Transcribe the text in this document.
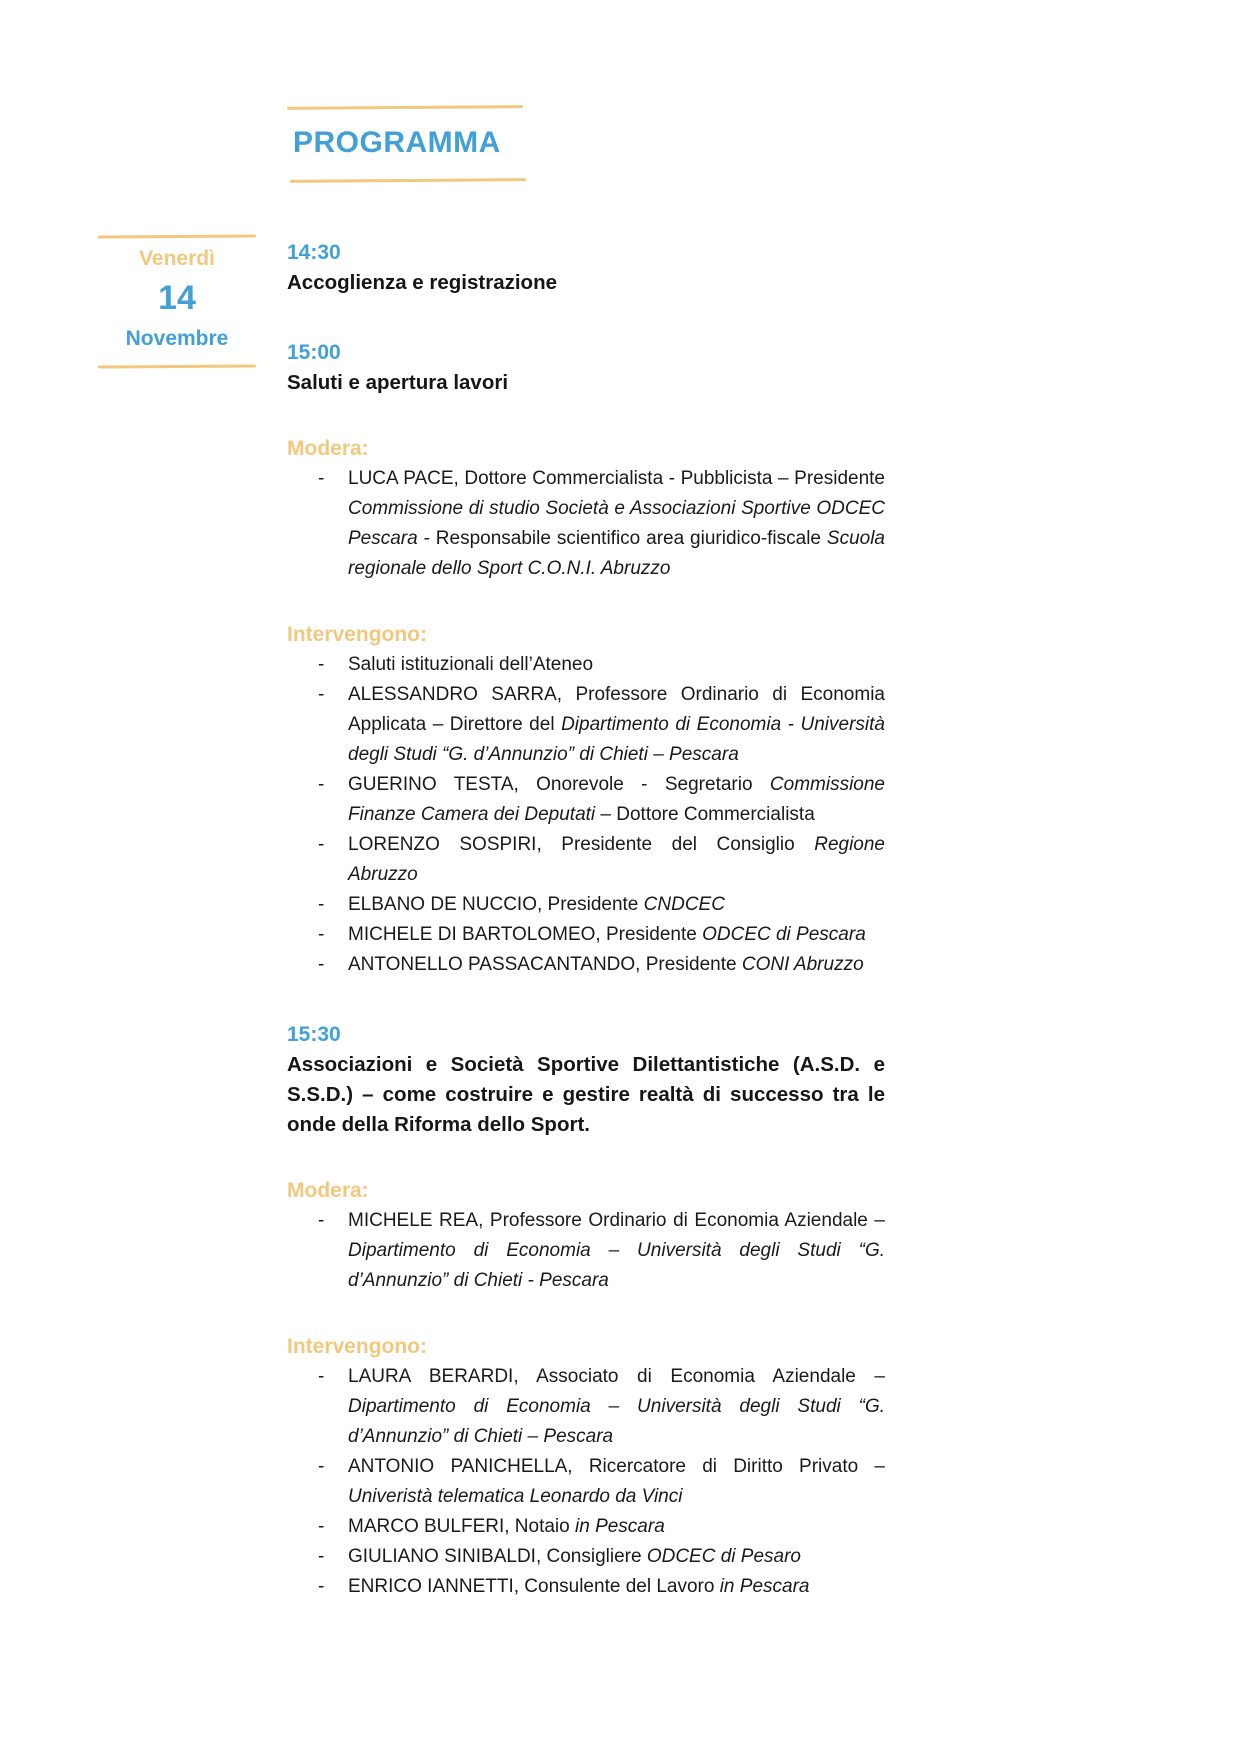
PROGRAMMA
Venerdì
14
Novembre
14:30
Accoglienza e registrazione
15:00
Saluti e apertura lavori
Modera:
-	LUCA PACE, Dottore Commercialista - Pubblicista – Presidente Commissione di studio Società e Associazioni Sportive ODCEC Pescara - Responsabile scientifico area giuridico-fiscale Scuola regionale dello Sport C.O.N.I. Abruzzo
Intervengono:
-	Saluti istituzionali dell’Ateneo
-	ALESSANDRO SARRA, Professore Ordinario di Economia Applicata – Direttore del Dipartimento di Economia - Università degli Studi “G. d’Annunzio” di Chieti – Pescara
-	GUERINO TESTA, Onorevole - Segretario Commissione Finanze Camera dei Deputati – Dottore Commercialista
-	LORENZO SOSPIRI, Presidente del Consiglio Regione Abruzzo
-	ELBANO DE NUCCIO, Presidente CNDCEC
-	MICHELE DI BARTOLOMEO, Presidente ODCEC di Pescara
-	ANTONELLO PASSACANTANDO, Presidente CONI Abruzzo
15:30
Associazioni e Società Sportive Dilettantistiche (A.S.D. e S.S.D.) – come costruire e gestire realtà di successo tra le onde della Riforma dello Sport.
Modera:
-	MICHELE REA, Professore Ordinario di Economia Aziendale – Dipartimento di Economia – Università degli Studi “G. d’Annunzio” di Chieti - Pescara
Intervengono:
-	LAURA BERARDI, Associato di Economia Aziendale – Dipartimento di Economia – Università degli Studi “G. d’Annunzio” di Chieti – Pescara
-	ANTONIO PANICHELLA, Ricercatore di Diritto Privato – Univeristà telematica Leonardo da Vinci
-	MARCO BULFERI, Notaio in Pescara
-	GIULIANO SINIBALDI, Consigliere ODCEC di Pesaro
-	ENRICO IANNETTI, Consulente del Lavoro in Pescara
